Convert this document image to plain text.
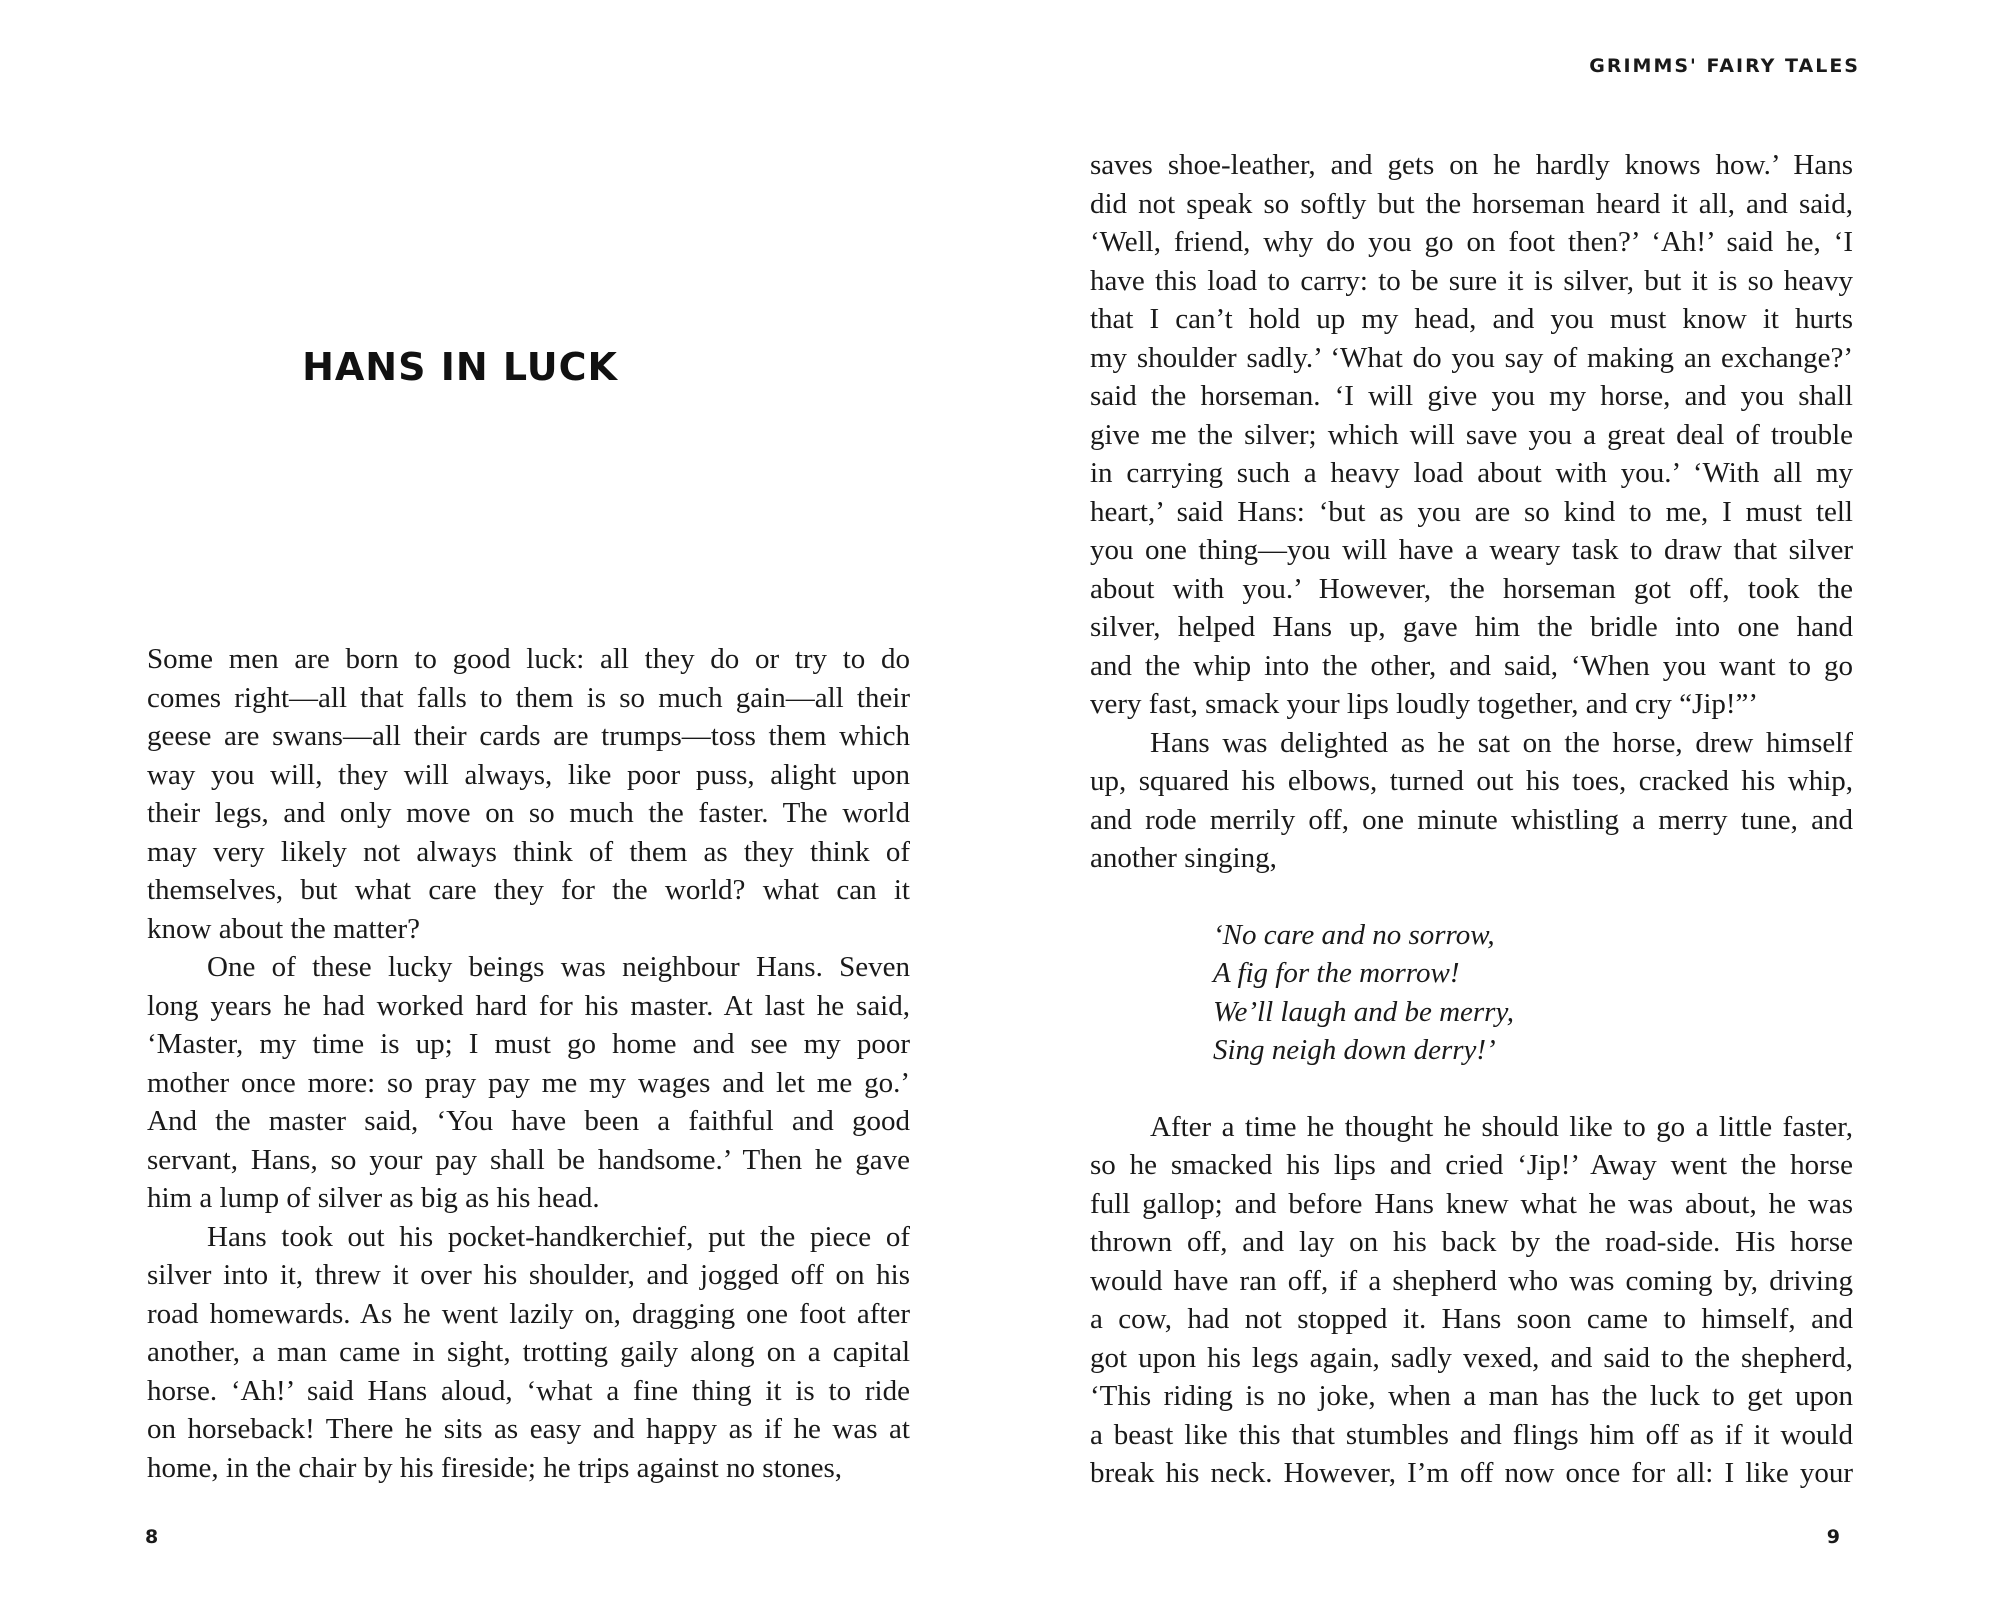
HANS IN LUCK
Some men are born to good luck: all they do or try to do
comes right—all that falls to them is so much gain—all their
geese are swans—all their cards are trumps—toss them which
way you will, they will always, like poor puss, alight upon
their legs, and only move on so much the faster. The world
may very likely not always think of them as they think of
themselves, but what care they for the world? what can it
know about the matter?
One of these lucky beings was neighbour Hans. Seven
long years he had worked hard for his master. At last he said,
‘Master, my time is up; I must go home and see my poor
mother once more: so pray pay me my wages and let me go.’
And the master said, ‘You have been a faithful and good
servant, Hans, so your pay shall be handsome.’ Then he gave
him a lump of silver as big as his head.
Hans took out his pocket-handkerchief, put the piece of
silver into it, threw it over his shoulder, and jogged off on his
road homewards. As he went lazily on, dragging one foot after
another, a man came in sight, trotting gaily along on a capital
horse. ‘Ah!’ said Hans aloud, ‘what a fine thing it is to ride
on horseback! There he sits as easy and happy as if he was at
home, in the chair by his fireside; he trips against no stones,
8
GRIMMS' FAIRY TALES
saves shoe-leather, and gets on he hardly knows how.’ Hans
did not speak so softly but the horseman heard it all, and said,
‘Well, friend, why do you go on foot then?’ ‘Ah!’ said he, ‘I
have this load to carry: to be sure it is silver, but it is so heavy
that I can’t hold up my head, and you must know it hurts
my shoulder sadly.’ ‘What do you say of making an exchange?’
said the horseman. ‘I will give you my horse, and you shall
give me the silver; which will save you a great deal of trouble
in carrying such a heavy load about with you.’ ‘With all my
heart,’ said Hans: ‘but as you are so kind to me, I must tell
you one thing—you will have a weary task to draw that silver
about with you.’ However, the horseman got off, took the
silver, helped Hans up, gave him the bridle into one hand
and the whip into the other, and said, ‘When you want to go
very fast, smack your lips loudly together, and cry “Jip!”’
Hans was delighted as he sat on the horse, drew himself
up, squared his elbows, turned out his toes, cracked his whip,
and rode merrily off, one minute whistling a merry tune, and
another singing,
‘No care and no sorrow,
A fig for the morrow!
We’ll laugh and be merry,
Sing neigh down derry!’
After a time he thought he should like to go a little faster,
so he smacked his lips and cried ‘Jip!’ Away went the horse
full gallop; and before Hans knew what he was about, he was
thrown off, and lay on his back by the road-side. His horse
would have ran off, if a shepherd who was coming by, driving
a cow, had not stopped it. Hans soon came to himself, and
got upon his legs again, sadly vexed, and said to the shepherd,
‘This riding is no joke, when a man has the luck to get upon
a beast like this that stumbles and flings him off as if it would
break his neck. However, I’m off now once for all: I like your
9
